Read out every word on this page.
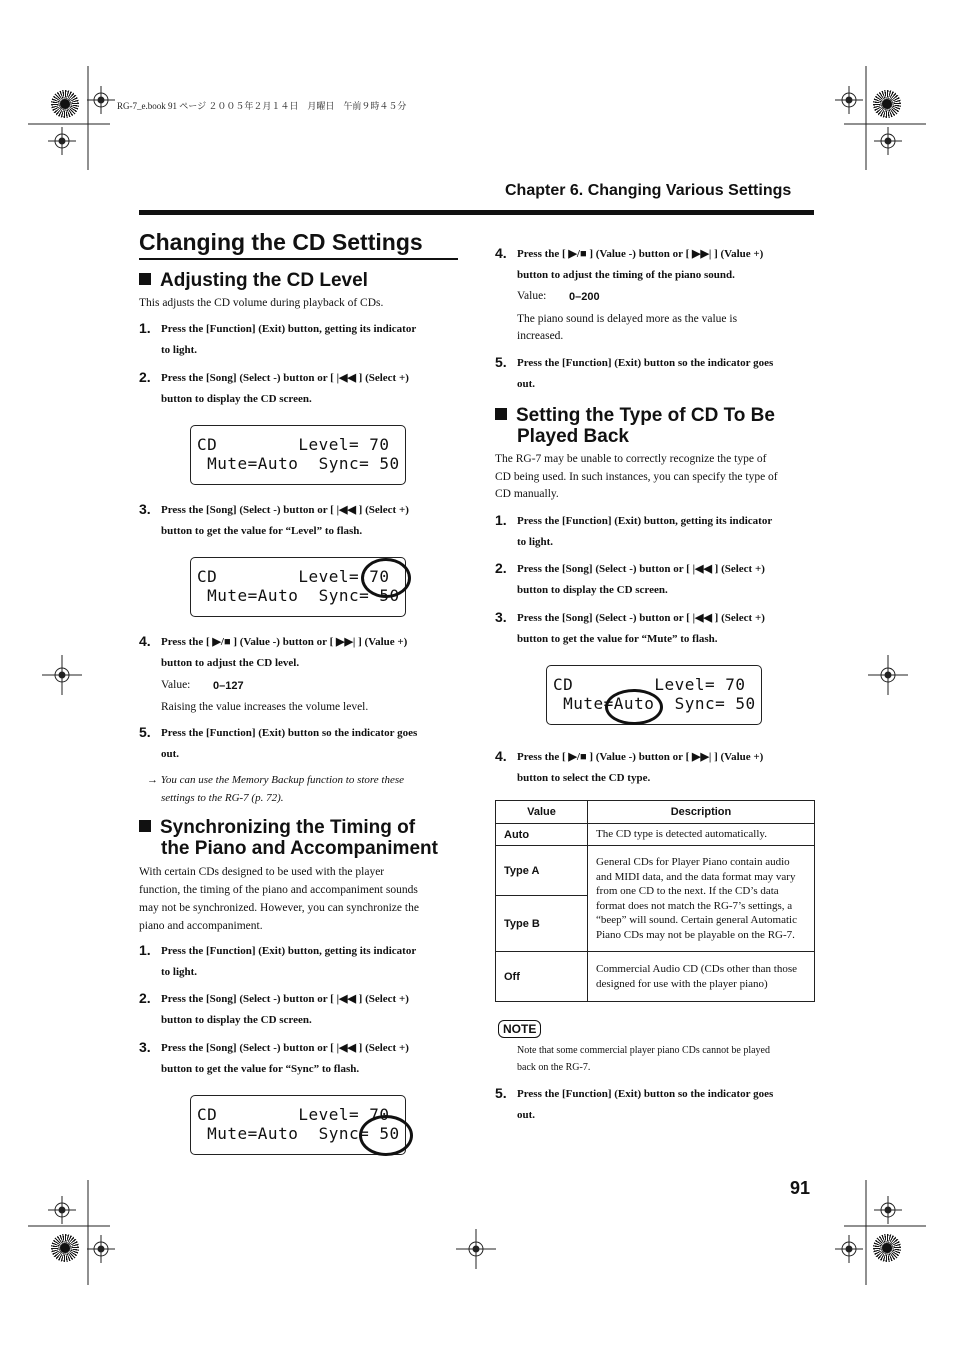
RG-7_e.book 91 ページ ２００５年２月１４日　月曜日　午前９時４５分
Chapter 6. Changing Various Settings
Changing the CD Settings
Adjusting the CD Level
This adjusts the CD volume during playback of CDs.
1. Press the [Function] (Exit) button, getting its indicator
to light.
2. Press the [Song] (Select -) button or [ |◀◀ ] (Select +)
button to display the CD screen.
CD        Level= 70
Mute=Auto  Sync= 50
3. Press the [Song] (Select -) button or [ |◀◀ ] (Select +)
button to get the value for “Level” to flash.
CD        Level= 70
Mute=Auto  Sync= 50
4. Press the [ ▶/■ ] (Value -) button or [ ▶▶| ] (Value +)
button to adjust the CD level.
Value: 0–127
Raising the value increases the volume level.
5. Press the [Function] (Exit) button so the indicator goes
out.
→ You can use the Memory Backup function to store these
settings to the RG-7 (p. 72).
Synchronizing the Timing of
the Piano and Accompaniment
With certain CDs designed to be used with the player
function, the timing of the piano and accompaniment sounds
may not be synchronized. However, you can synchronize the
piano and accompaniment.
1. Press the [Function] (Exit) button, getting its indicator
to light.
2. Press the [Song] (Select -) button or [ |◀◀ ] (Select +)
button to display the CD screen.
3. Press the [Song] (Select -) button or [ |◀◀ ] (Select +)
button to get the value for “Sync” to flash.
CD        Level= 70
Mute=Auto  Sync= 50
4. Press the [ ▶/■ ] (Value -) button or [ ▶▶| ] (Value +)
button to adjust the timing of the piano sound.
Value: 0–200
The piano sound is delayed more as the value is
increased.
5. Press the [Function] (Exit) button so the indicator goes
out.
Setting the Type of CD To Be
Played Back
The RG-7 may be unable to correctly recognize the type of
CD being used. In such instances, you can specify the type of
CD manually.
1. Press the [Function] (Exit) button, getting its indicator
to light.
2. Press the [Song] (Select -) button or [ |◀◀ ] (Select +)
button to display the CD screen.
3. Press the [Song] (Select -) button or [ |◀◀ ] (Select +)
button to get the value for “Mute” to flash.
CD        Level= 70
Mute=Auto  Sync= 50
4. Press the [ ▶/■ ] (Value -) button or [ ▶▶| ] (Value +)
button to select the CD type.
Value	Description
Auto	The CD type is detected automatically.
Type A	General CDs for Player Piano contain audio and MIDI data, and the data format may vary from one CD to the next. If the CD’s data format does not match the RG-7’s settings, a “beep” will sound. Certain general Automatic Piano CDs may not be playable on the RG-7.
Type B	
Off	Commercial Audio CD (CDs other than those designed for use with the player piano)
NOTE
Note that some commercial player piano CDs cannot be played
back on the RG-7.
5. Press the [Function] (Exit) button so the indicator goes
out.
91
